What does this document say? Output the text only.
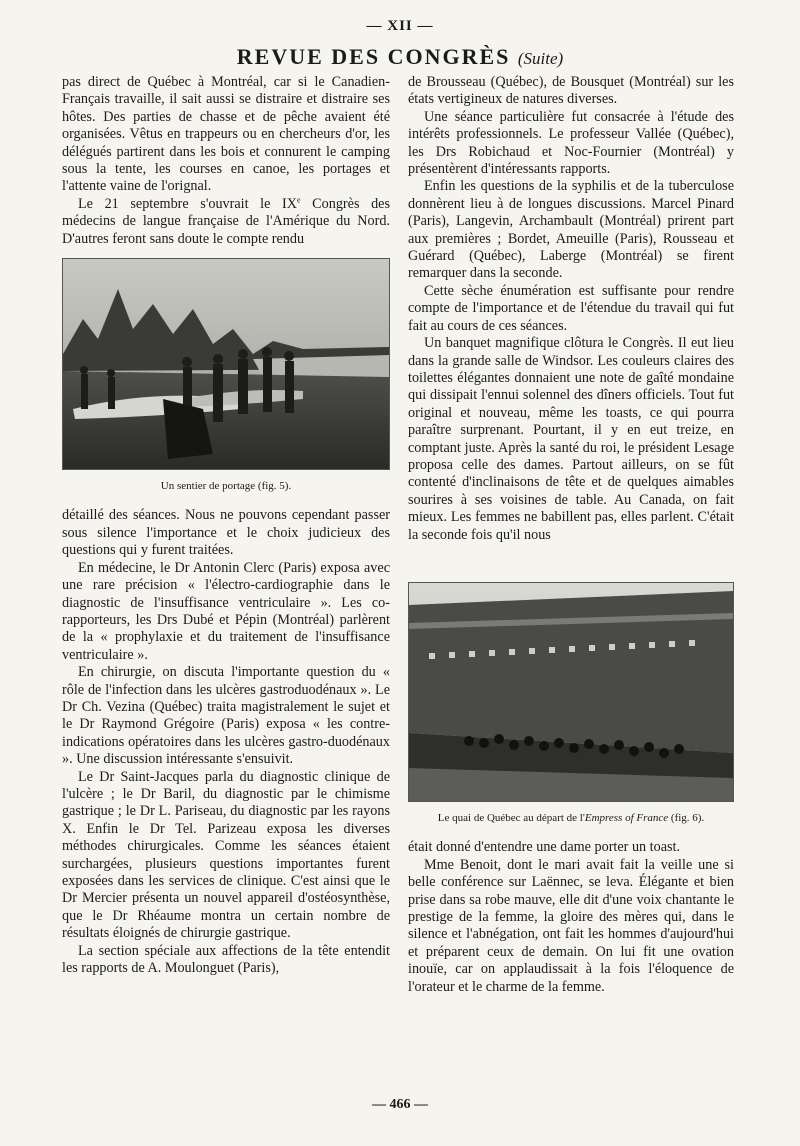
— XII —
REVUE DES CONGRÈS (Suite)

pas direct de Québec à Montréal, car si le Canadien-Français travaille, il sait aussi se distraire et distraire ses hôtes. Des parties de chasse et de pêche avaient été organisées. Vêtus en trappeurs ou en chercheurs d'or, les délégués partirent dans les bois et connurent le camping sous la tente, les courses en canoe, les portages et l'attente vaine de l'orignal.

Le 21 septembre s'ouvrait le IXe Congrès des médecins de langue française de l'Amérique du Nord. D'autres feront sans doute le compte rendu

Un sentier de portage (fig. 5).

détaillé des séances. Nous ne pouvons cependant passer sous silence l'importance et le choix judicieux des questions qui y furent traitées.

En médecine, le Dr Antonin Clerc (Paris) exposa avec une rare précision « l'électro-cardiographie dans le diagnostic de l'insuffisance ventriculaire ». Les co-rapporteurs, les Drs Dubé et Pépin (Montréal) parlèrent de la « prophylaxie et du traitement de l'insuffisance ventriculaire ».

En chirurgie, on discuta l'importante question du « rôle de l'infection dans les ulcères gastroduodénaux ». Le Dr Ch. Vezina (Québec) traita magistralement le sujet et le Dr Raymond Grégoire (Paris) exposa « les contre-indications opératoires dans les ulcères gastro-duodénaux ». Une discussion intéressante s'ensuivit.

Le Dr Saint-Jacques parla du diagnostic clinique de l'ulcère ; le Dr Baril, du diagnostic par le chimisme gastrique ; le Dr L. Pariseau, du diagnostic par les rayons X. Enfin le Dr Tel. Parizeau exposa les diverses méthodes chirurgicales. Comme les séances étaient surchargées, plusieurs questions importantes furent exposées dans les services de clinique. C'est ainsi que le Dr Mercier présenta un nouvel appareil d'ostéosynthèse, que le Dr Rhéaume montra un certain nombre de résultats éloignés de chirurgie gastrique.

La section spéciale aux affections de la tête entendit les rapports de A. Moulonguet (Paris),

de Brousseau (Québec), de Bousquet (Montréal) sur les états vertigineux de natures diverses.

Une séance particulière fut consacrée à l'étude des intérêts professionnels. Le professeur Vallée (Québec), les Drs Robichaud et Noc-Fournier (Montréal) y présentèrent d'intéressants rapports.

Enfin les questions de la syphilis et de la tuberculose donnèrent lieu à de longues discussions. Marcel Pinard (Paris), Langevin, Archambault (Montréal) prirent part aux premières ; Bordet, Ameuille (Paris), Rousseau et Guérard (Québec), Laberge (Montréal) se firent remarquer dans la seconde.

Cette sèche énumération est suffisante pour rendre compte de l'importance et de l'étendue du travail qui fut fait au cours de ces séances.

Un banquet magnifique clôtura le Congrès. Il eut lieu dans la grande salle de Windsor. Les couleurs claires des toilettes élégantes donnaient une note de gaîté mondaine qui dissipait l'ennui solennel des dîners officiels. Tout fut original et nouveau, même les toasts, ce qui pourra paraître surprenant. Pourtant, il y en eut treize, en comptant juste. Après la santé du roi, le président Lesage proposa celle des dames. Partout ailleurs, on se fût contenté d'inclinaisons de tête et de quelques aimables sourires à ses voisines de table. Au Canada, on fait mieux. Les femmes ne babillent pas, elles parlent. C'était la seconde fois qu'il nous

Le quai de Québec au départ de l'Empress of France (fig. 6).

était donné d'entendre une dame porter un toast.

Mme Benoit, dont le mari avait fait la veille une si belle conférence sur Laënnec, se leva. Élégante et bien prise dans sa robe mauve, elle dit d'une voix chantante le prestige de la femme, la gloire des mères qui, dans le silence et l'abnégation, ont fait les hommes d'aujourd'hui et préparent ceux de demain. On lui fit une ovation inouïe, car on applaudissait à la fois l'éloquence de l'orateur et le charme de la femme.

— 466 —
